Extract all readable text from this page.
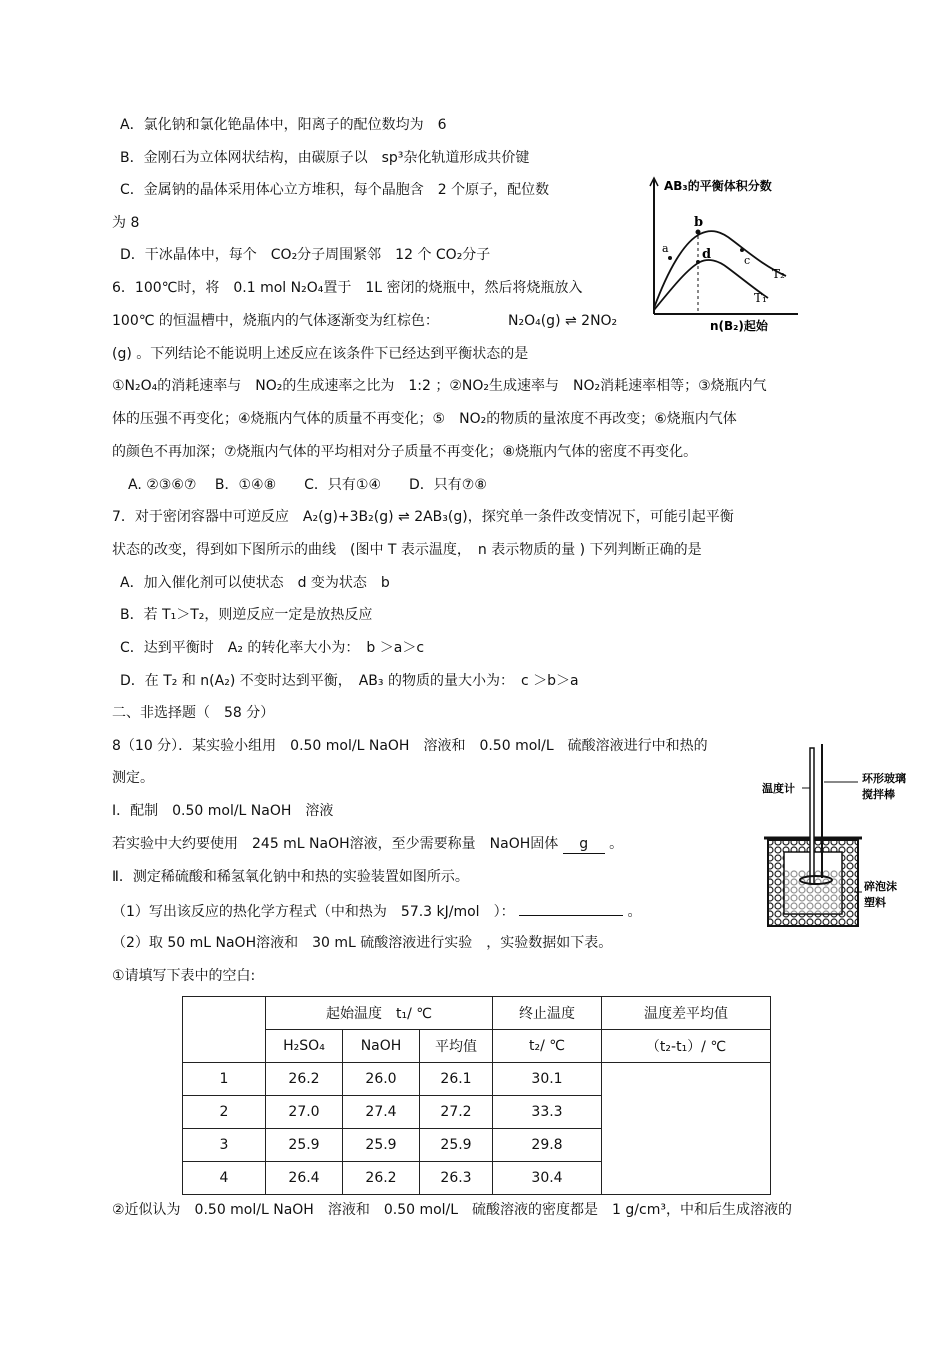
A．氯化钠和氯化铯晶体中，阳离子的配位数均为　6
B．金刚石为立体网状结构，由碳原子以　sp³杂化轨道形成共价键
C．金属钠的晶体采用体心立方堆积，每个晶胞含　2 个原子，配位数
为 8
D．干冰晶体中，每个　CO₂分子周围紧邻　12 个 CO₂分子
6．100℃时，将　0.1 mol N₂O₄置于　1L 密闭的烧瓶中，然后将烧瓶放入
100℃ 的恒温槽中，烧瓶内的气体逐渐变为红棕色：	N₂O₄(g) ⇌ 2NO₂
(g) 。下列结论不能说明上述反应在该条件下已经达到平衡状态的是
①N₂O₄的消耗速率与　NO₂的生成速率之比为　1:2 ；②NO₂生成速率与　NO₂消耗速率相等；③烧瓶内气
体的压强不再变化；④烧瓶内气体的质量不再变化；⑤　NO₂的物质的量浓度不再改变；⑥烧瓶内气体
的颜色不再加深；⑦烧瓶内气体的平均相对分子质量不再变化；⑧烧瓶内气体的密度不再变化。
A. ②③⑥⑦　 B．①④⑧　　C．只有①④　　D．只有⑦⑧
7．对于密闭容器中可逆反应　A₂(g)+3B₂(g) ⇌ 2AB₃(g)，探究单一条件改变情况下，可能引起平衡
状态的改变，得到如下图所示的曲线　(图中 T 表示温度，　n 表示物质的量 ) 下列判断正确的是
A．加入催化剂可以使状态　d 变为状态　b
B．若 T₁＞T₂，则逆反应一定是放热反应
C．达到平衡时　A₂ 的转化率大小为：　b ＞a＞c
D．在 T₂ 和 n(A₂) 不变时达到平衡，　AB₃ 的物质的量大小为：　c ＞b＞a
二、非选择题（　58 分）
8（10 分）．某实验小组用　0.50 mol/L NaOH　溶液和　0.50 mol/L　硫酸溶液进行中和热的
测定。
Ⅰ．配制　0.50 mol/L NaOH　溶液
若实验中大约要使用　245 mL NaOH溶液，至少需要称量　NaOH固体 g 。
Ⅱ．测定稀硫酸和稀氢氧化钠中和热的实验装置如图所示。
（1）写出该反应的热化学方程式（中和热为　57.3 kJ/mol　）：	。
（2）取 50 mL NaOH溶液和　30 mL 硫酸溶液进行实验　，实验数据如下表。
①请填写下表中的空白:
AB₃的平衡体积分数
a
b
d	c
T₂
T₁
n(B₂)起始
温度计
环形玻璃
搅拌棒
碎泡沫
塑料
	起始温度　t₁/ ℃			终止温度	温度差平均值
	H₂SO₄	NaOH	平均值	t₂/ ℃	（t₂-t₁）/ ℃
1	26.2	26.0	26.1	30.1	
2	27.0	27.4	27.2	33.3	
3	25.9	25.9	25.9	29.8	
4	26.4	26.2	26.3	30.4	
②近似认为　0.50 mol/L NaOH　溶液和　0.50 mol/L　硫酸溶液的密度都是　1 g/cm³，中和后生成溶液的
